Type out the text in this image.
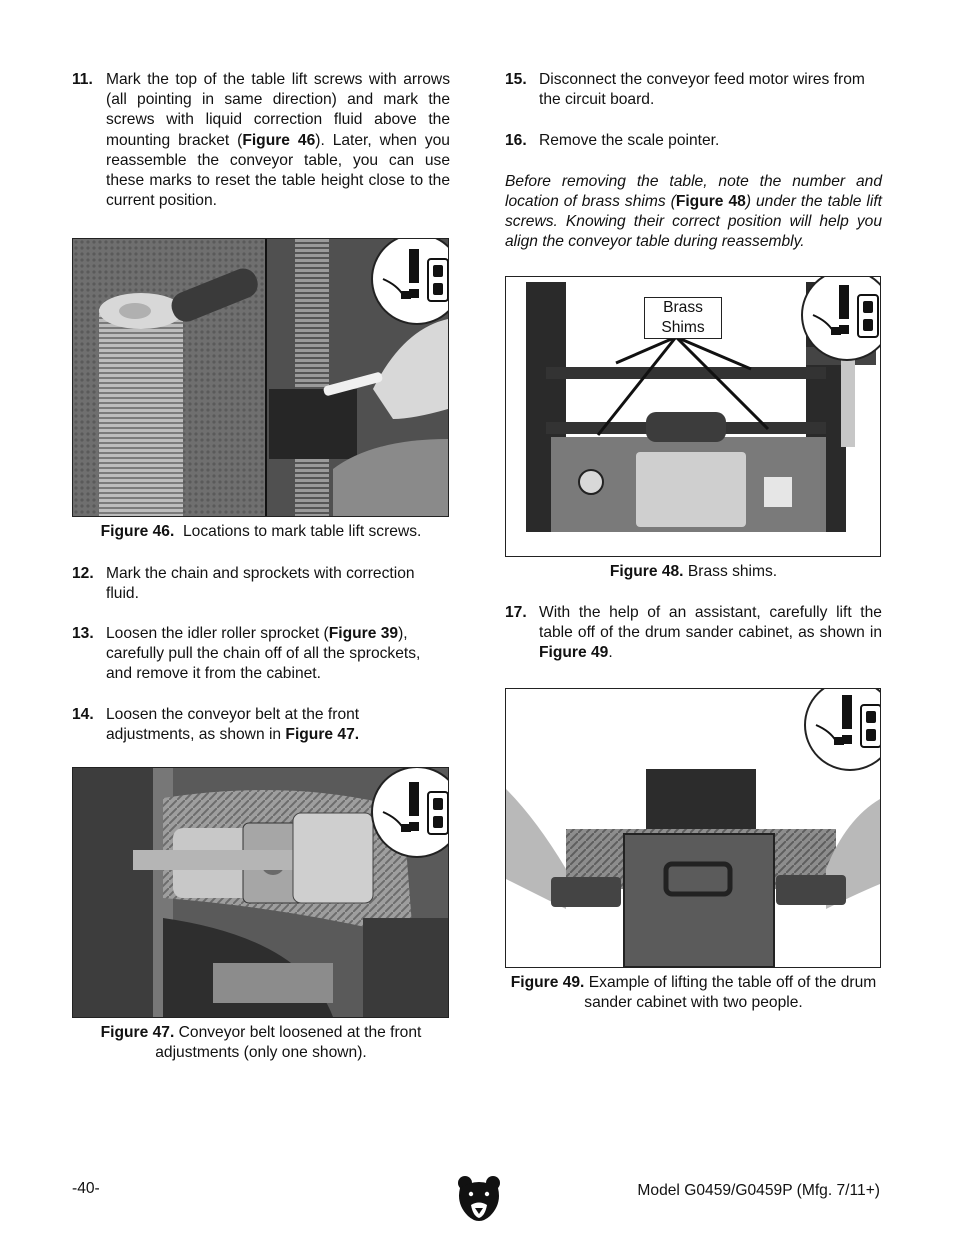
11. Mark the top of the table lift screws with arrows (all pointing in same direction) and mark the screws with liquid correction fluid above the mounting bracket (Figure 46). Later, when you reassemble the conveyor table, you can use these marks to reset the table height close to the current position.
Figure 46. Locations to mark table lift screws.
12. Mark the chain and sprockets with correction fluid.
13. Loosen the idler roller sprocket (Figure 39), carefully pull the chain off of all the sprockets, and remove it from the cabinet.
14. Loosen the conveyor belt at the front adjustments, as shown in Figure 47.
Figure 47. Conveyor belt loosened at the front adjustments (only one shown).
15. Disconnect the conveyor feed motor wires from the circuit board.
16. Remove the scale pointer.
Before removing the table, note the number and location of brass shims (Figure 48) under the table lift screws. Knowing their correct position will help you align the conveyor table during reassembly.
Brass Shims
Figure 48. Brass shims.
17. With the help of an assistant, carefully lift the table off of the drum sander cabinet, as shown in Figure 49.
Figure 49. Example of lifting the table off of the drum sander cabinet with two people.
-40-	Model G0459/G0459P (Mfg. 7/11+)
